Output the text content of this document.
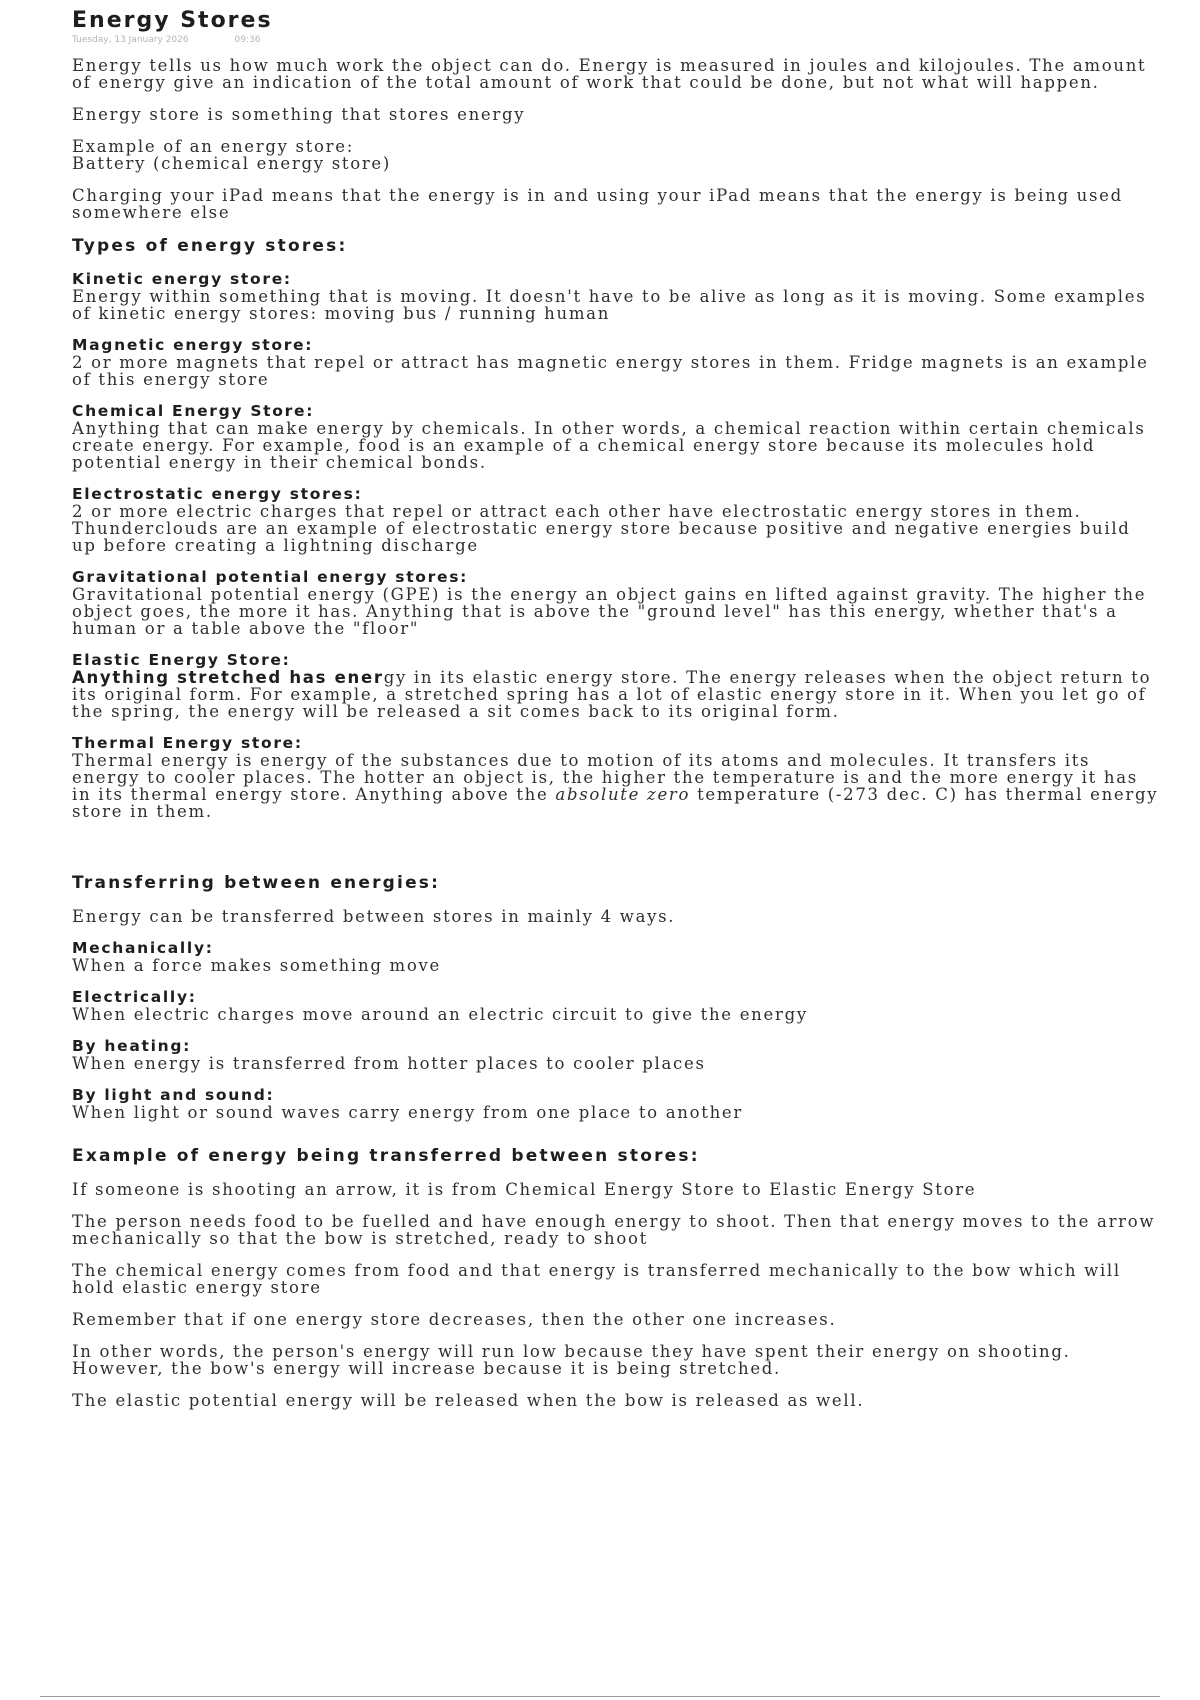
Energy Stores
Tuesday, 13 January 2026	09:36

Energy tells us how much work the object can do. Energy is measured in joules and kilojoules. The amount of energy give an indication of the total amount of work that could be done, but not what will happen.

Energy store is something that stores energy

Example of an energy store:
Battery (chemical energy store)

Charging your iPad means that the energy is in and using your iPad means that the energy is being used somewhere else

Types of energy stores:

Kinetic energy store:
Energy within something that is moving. It doesn't have to be alive as long as it is moving. Some examples of kinetic energy stores: moving bus / running human

Magnetic energy store:
2 or more magnets that repel or attract has magnetic energy stores in them. Fridge magnets is an example of this energy store

Chemical Energy Store:
Anything that can make energy by chemicals. In other words, a chemical reaction within certain chemicals create energy. For example, food is an example of a chemical energy store because its molecules hold potential energy in their chemical bonds.

Electrostatic energy stores:
2 or more electric charges that repel or attract each other have electrostatic energy stores in them. Thunderclouds are an example of electrostatic energy store because positive and negative energies build up before creating a lightning discharge

Gravitational potential energy stores:
Gravitational potential energy (GPE) is the energy an object gains en lifted against gravity. The higher the object goes, the more it has. Anything that is above the "ground level" has this energy, whether that's a human or a table above the "floor"

Elastic Energy Store:
Anything stretched has energy in its elastic energy store. The energy releases when the object return to its original form. For example, a stretched spring has a lot of elastic energy store in it. When you let go of the spring, the energy will be released a sit comes back to its original form.

Thermal Energy store:
Thermal energy is energy of the substances due to motion of its atoms and molecules. It transfers its energy to cooler places. The hotter an object is, the higher the temperature is and the more energy it has in its thermal energy store. Anything above the absolute zero temperature (-273 dec. C) has thermal energy store in them.

Transferring between energies:

Energy can be transferred between stores in mainly 4 ways.

Mechanically:
When a force makes something move

Electrically:
When electric charges move around an electric circuit to give the energy

By heating:
When energy is transferred from hotter places to cooler places

By light and sound:
When light or sound waves carry energy from one place to another

Example of energy being transferred between stores:

If someone is shooting an arrow, it is from Chemical Energy Store to Elastic Energy Store

The person needs food to be fuelled and have enough energy to shoot. Then that energy moves to the arrow mechanically so that the bow is stretched, ready to shoot

The chemical energy comes from food and that energy is transferred mechanically to the bow which will hold elastic energy store

Remember that if one energy store decreases, then the other one increases.

In other words, the person's energy will run low because they have spent their energy on shooting. However, the bow's energy will increase because it is being stretched.

The elastic potential energy will be released when the bow is released as well.
